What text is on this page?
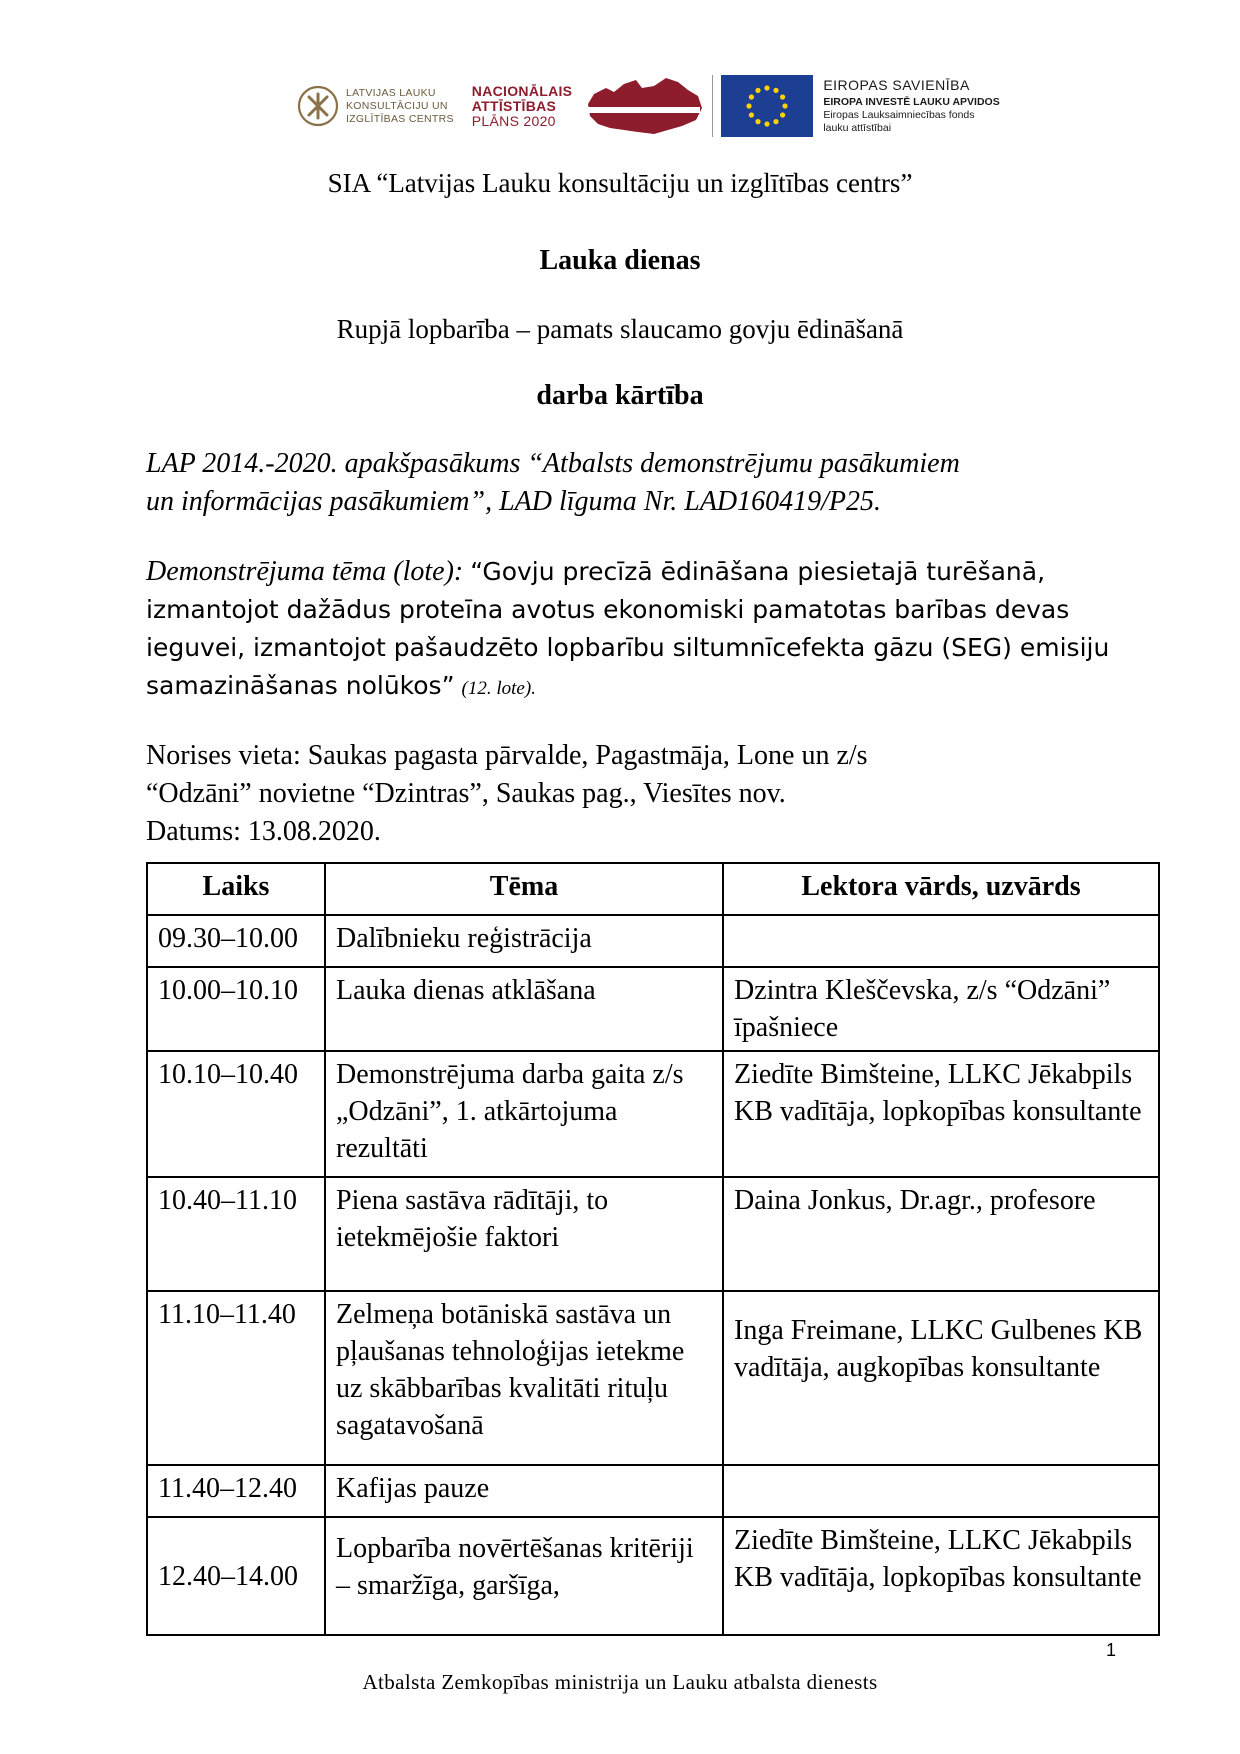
LATVIJAS LAUKU
KONSULTĀCIJU UN
IZGLĪTĪBAS CENTRS
NACIONĀLAIS
ATTĪSTĪBAS
PLĀNS 2020
EIROPAS SAVIENĪBA
EIROPA INVESTĒ LAUKU APVIDOS
Eiropas Lauksaimniecības fonds
lauku attīstībai
SIA “Latvijas Lauku konsultāciju un izglītības centrs”
Lauka dienas
Rupjā lopbarība – pamats slaucamo govju ēdināšanā
darba kārtība
LAP 2014.-2020. apakšpasākums “Atbalsts demonstrējumu pasākumiem
un informācijas pasākumiem”, LAD līguma Nr. LAD160419/P25.
Demonstrējuma tēma (lote): “Govju precīzā ēdināšana piesietajā turēšanā, izmantojot dažādus proteīna avotus ekonomiski pamatotas barības devas ieguvei, izmantojot pašaudzēto lopbarību siltumnīcefekta gāzu (SEG) emisiju samazināšanas nolūkos” (12. lote).
Norises vieta: Saukas pagasta pārvalde, Pagastmāja, Lone un z/s
“Odzāni” novietne “Dzintras”, Saukas pag., Viesītes nov.
Datums: 13.08.2020.
Laiks	Tēma	Lektora vārds, uzvārds
09.30–10.00	Dalībnieku reģistrācija	
10.00–10.10	Lauka dienas atklāšana	Dzintra Kleščevska, z/s “Odzāni” īpašniece
10.10–10.40	Demonstrējuma darba gaita z/s „Odzāni”, 1. atkārtojuma rezultāti	Ziedīte Bimšteine, LLKC Jēkabpils KB vadītāja, lopkopības konsultante
10.40–11.10	Piena sastāva rādītāji, to ietekmējošie faktori	Daina Jonkus, Dr.agr., profesore
11.10–11.40	Zelmeņa botāniskā sastāva un pļaušanas tehnoloģijas ietekme uz skābbarības kvalitāti rituļu sagatavošanā	Inga Freimane, LLKC Gulbenes KB vadītāja, augkopības konsultante
11.40–12.40	Kafijas pauze	
12.40–14.00	Lopbarība novērtēšanas kritēriji – smaržīga, garšīga,	Ziedīte Bimšteine, LLKC Jēkabpils KB vadītāja, lopkopības konsultante
1
Atbalsta Zemkopības ministrija un Lauku atbalsta dienests
